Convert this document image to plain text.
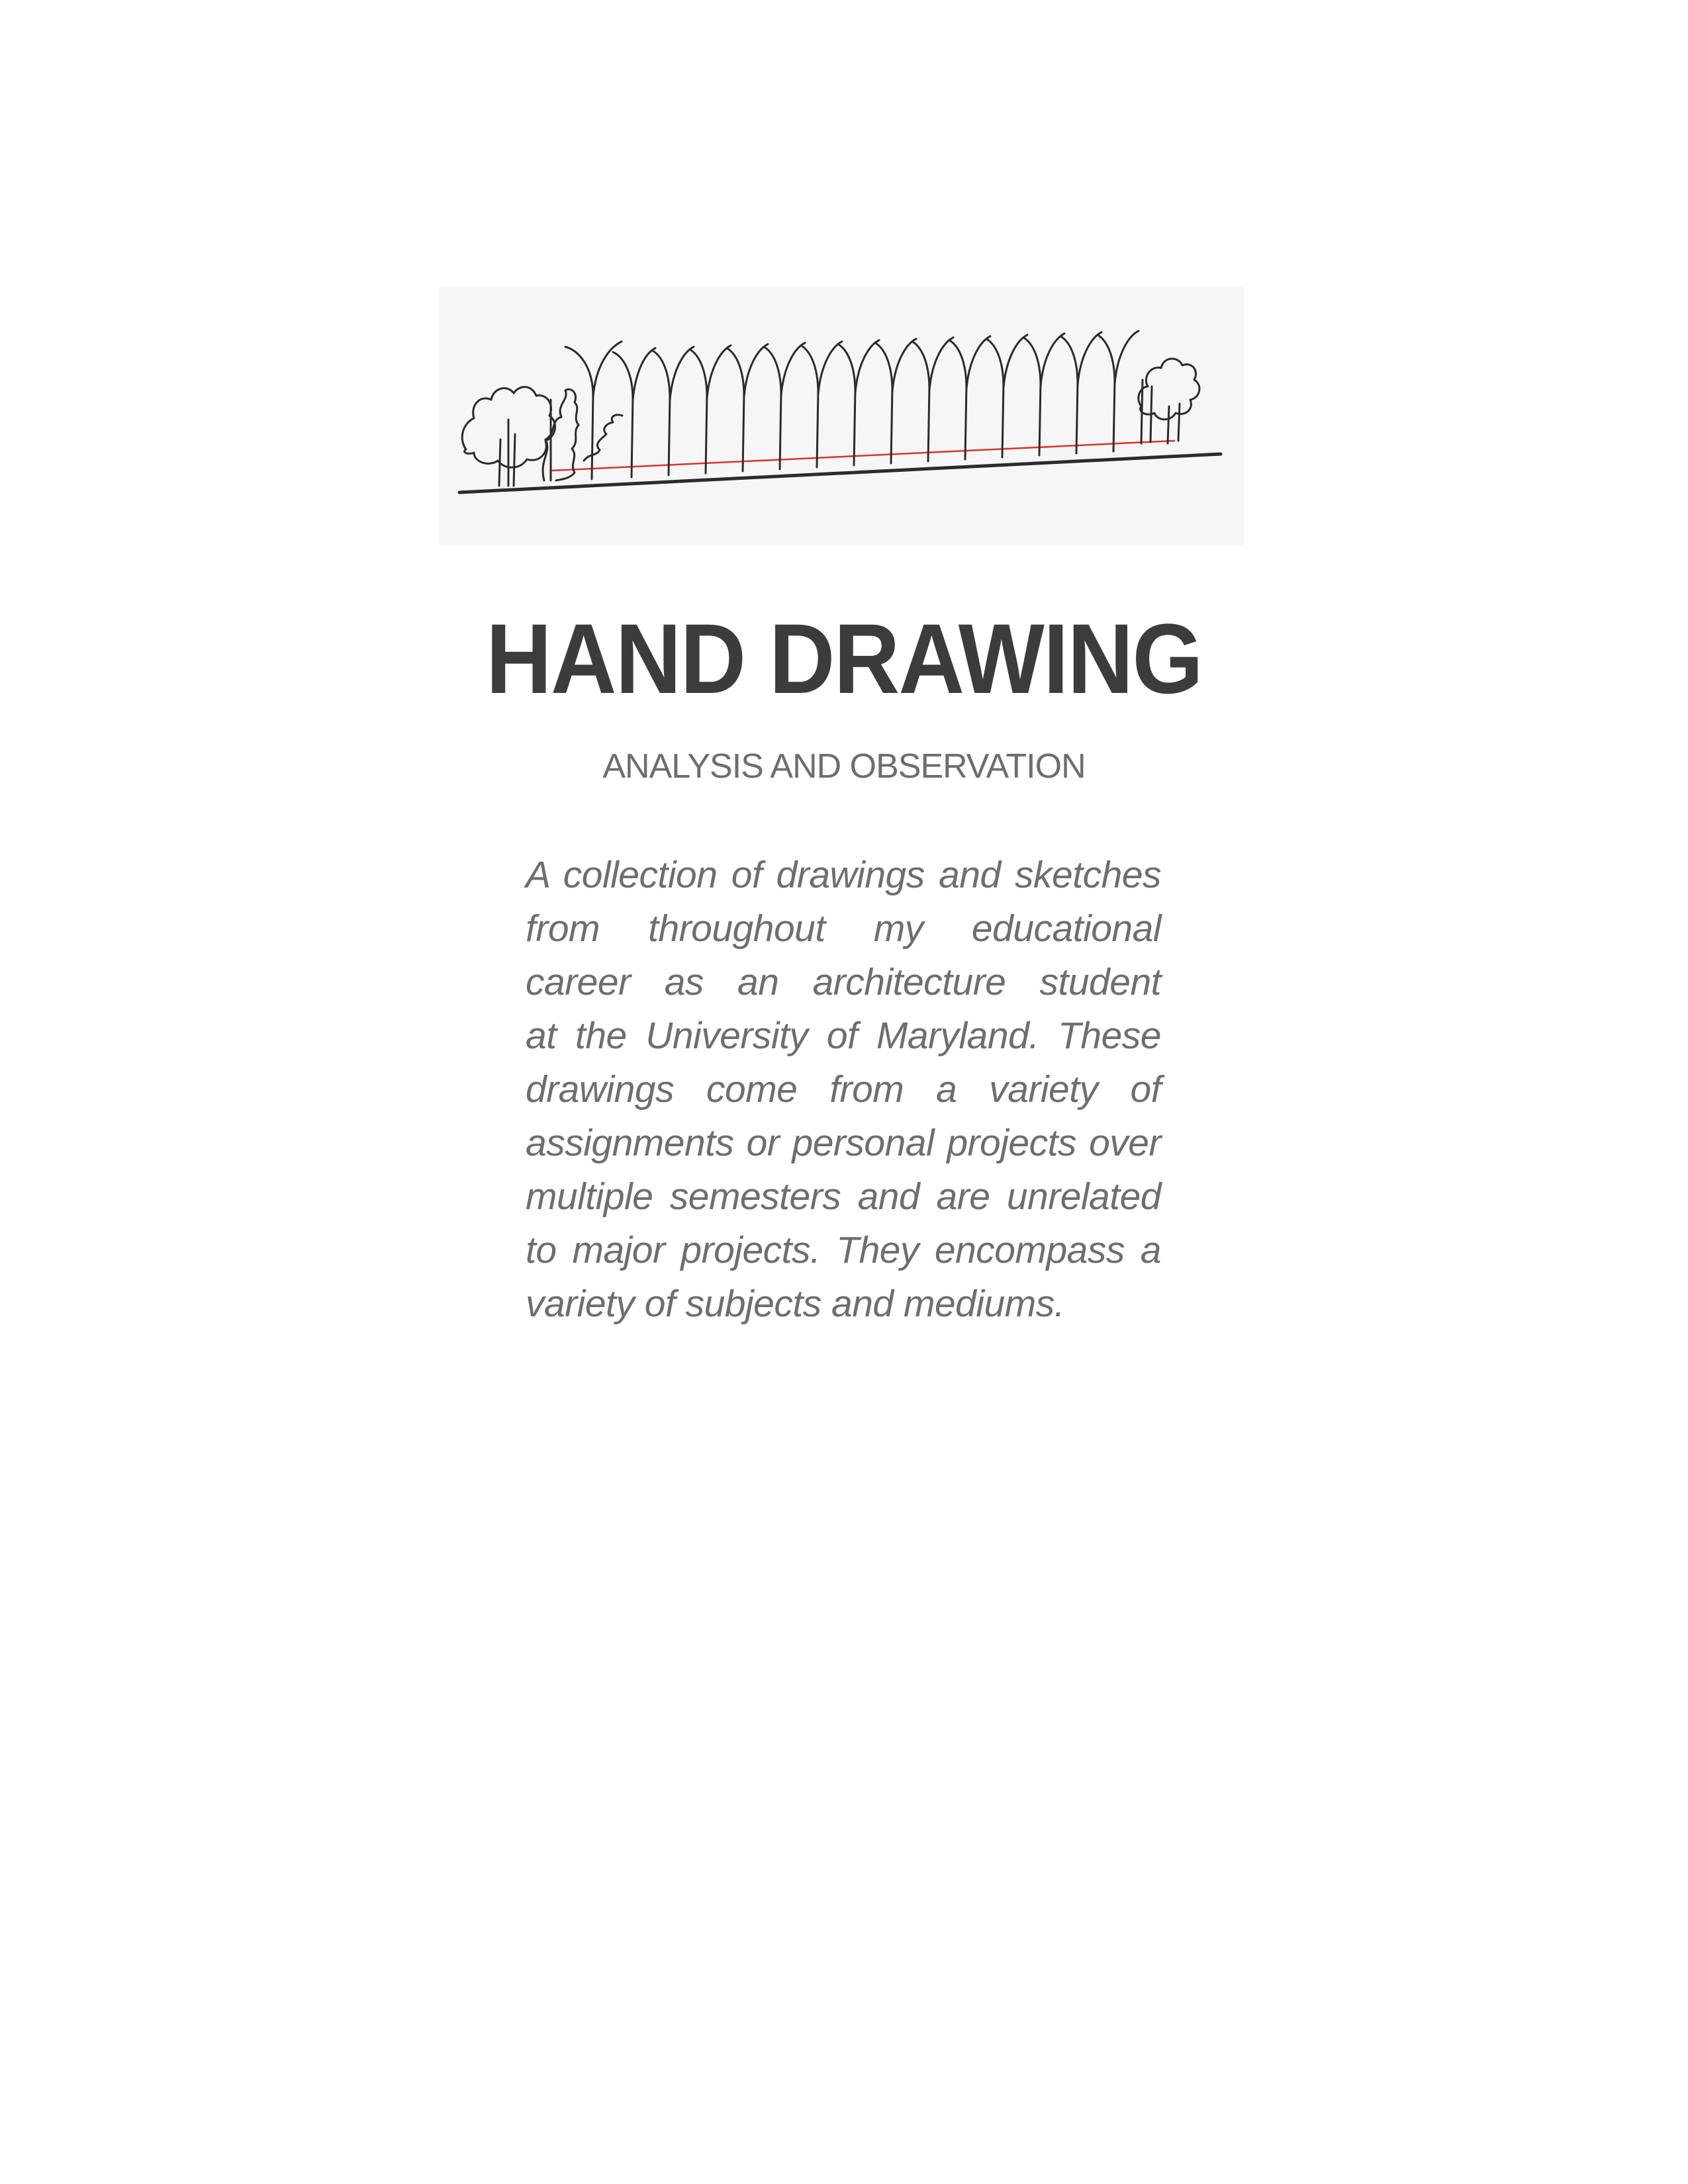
HAND DRAWING
ANALYSIS AND OBSERVATION
A collection of drawings and sketches
from throughout my educational
career as an architecture student
at the University of Maryland. These
drawings come from a variety of
assignments or personal projects over
multiple semesters and are unrelated
to major projects. They encompass a
variety of subjects and mediums.
